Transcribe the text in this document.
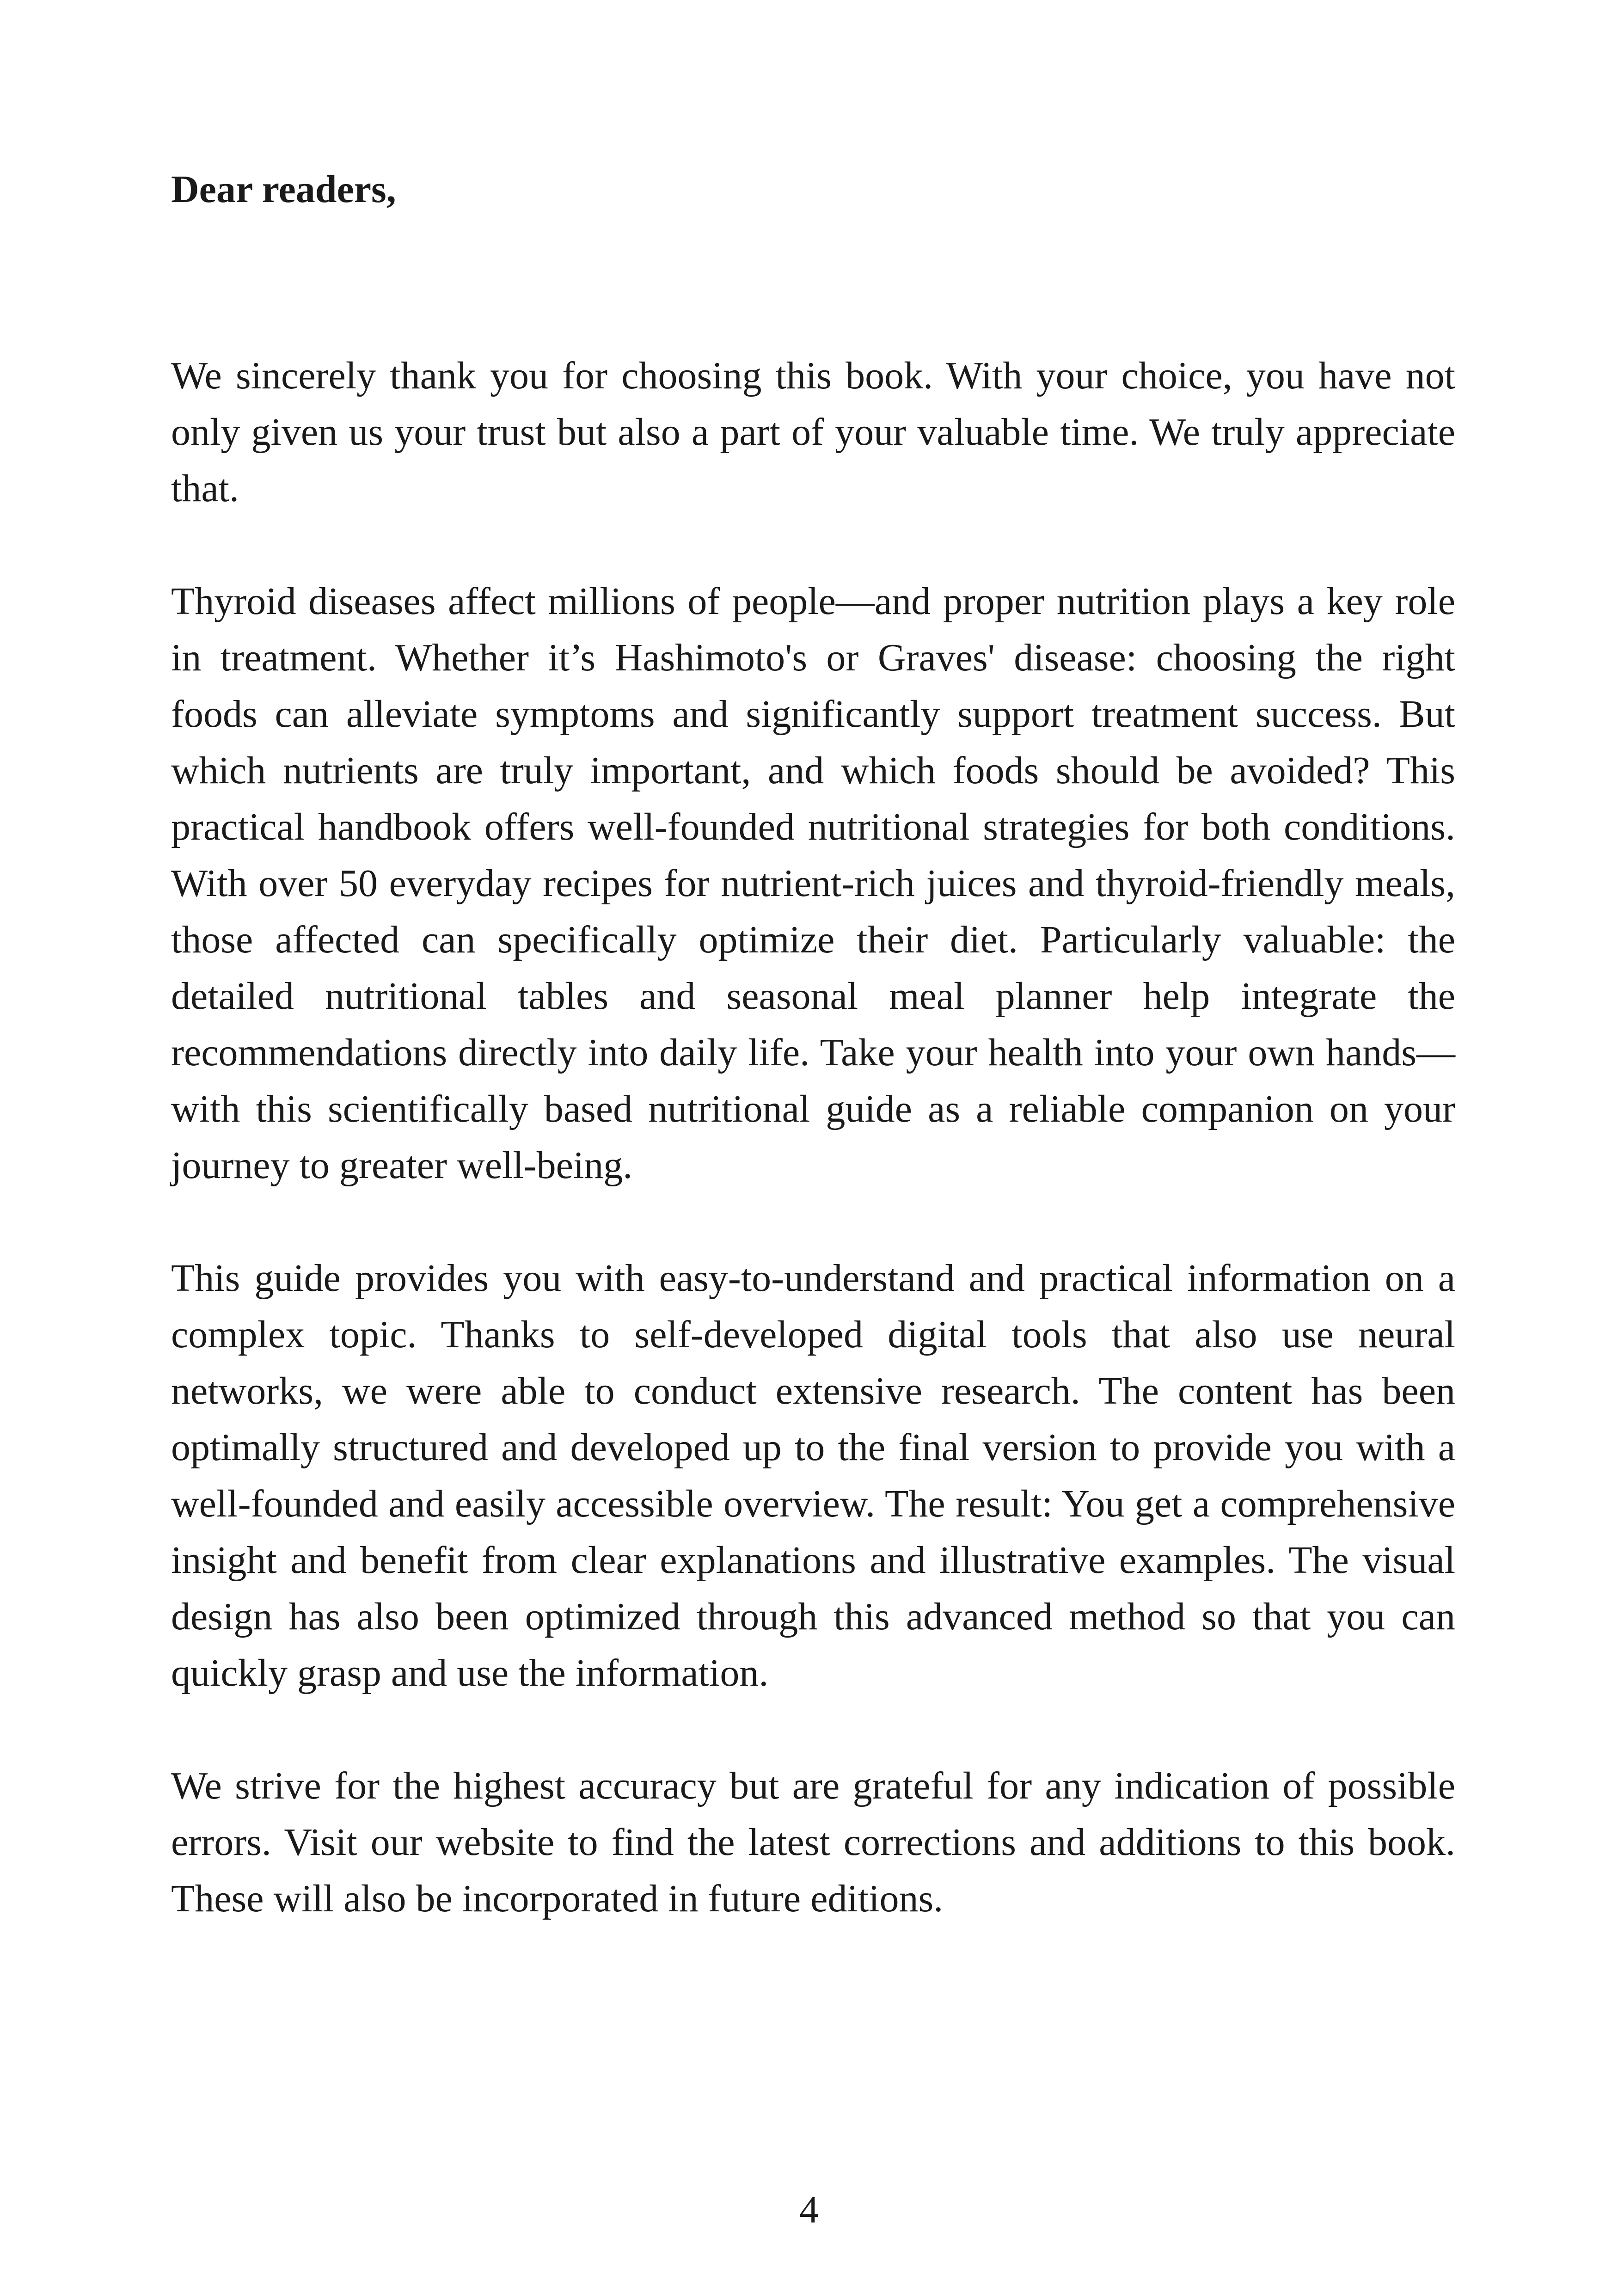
Dear readers,

We sincerely thank you for choosing this book. With your choice, you have not only given us your trust but also a part of your valuable time. We truly appreciate that.

Thyroid diseases affect millions of people—and proper nutrition plays a key role in treatment. Whether it’s Hashimoto's or Graves' disease: choosing the right foods can alleviate symptoms and significantly support treatment success. But which nutrients are truly important, and which foods should be avoided? This practical handbook offers well-founded nutritional strategies for both conditions. With over 50 everyday recipes for nutrient-rich juices and thyroid-friendly meals, those affected can specifically optimize their diet. Particularly valuable: the detailed nutritional tables and seasonal meal planner help integrate the recommendations directly into daily life. Take your health into your own hands—with this scientifically based nutritional guide as a reliable companion on your journey to greater well-being.

This guide provides you with easy-to-understand and practical information on a complex topic. Thanks to self-developed digital tools that also use neural networks, we were able to conduct extensive research. The content has been optimally structured and developed up to the final version to provide you with a well-founded and easily accessible overview. The result: You get a comprehensive insight and benefit from clear explanations and illustrative examples. The visual design has also been optimized through this advanced method so that you can quickly grasp and use the information.

We strive for the highest accuracy but are grateful for any indication of possible errors. Visit our website to find the latest corrections and additions to this book. These will also be incorporated in future editions.

4
